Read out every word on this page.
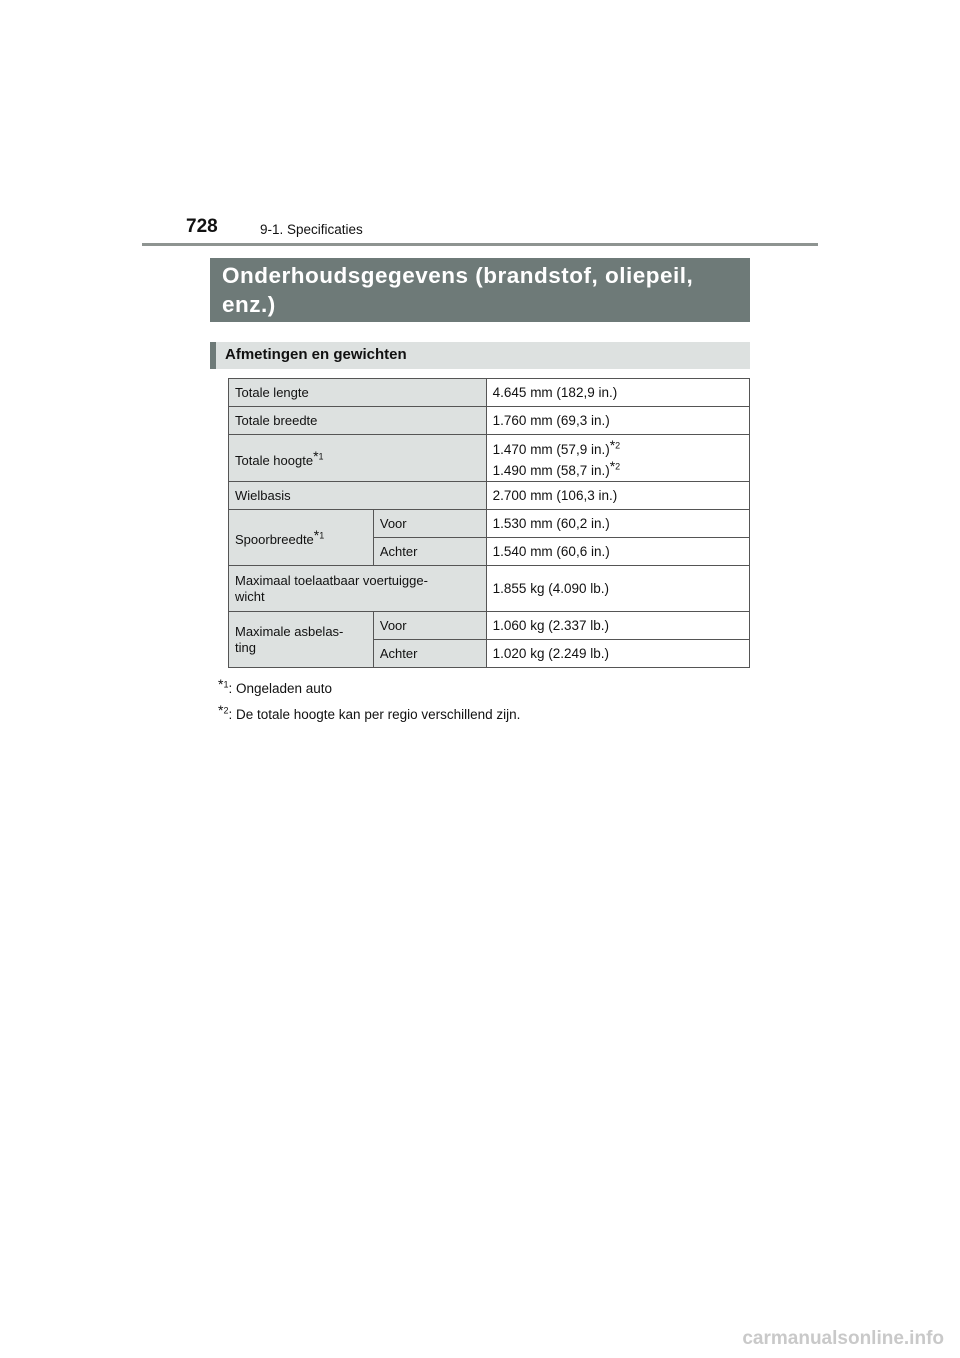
728	9-1. Specificaties
Onderhoudsgegevens (brandstof, oliepeil, enz.)
Afmetingen en gewichten
Totale lengte		4.645 mm (182,9 in.)
Totale breedte		1.760 mm (69,3 in.)
Totale hoogte*$^1$		1.470 mm (57,9 in.)*$^2$
1.490 mm (58,7 in.)*$^2$
Wielbasis		2.700 mm (106,3 in.)
Spoorbreedte*$^1$	Voor	1.530 mm (60,2 in.)
	Achter	1.540 mm (60,6 in.)
Maximaal toelaatbaar voertuigge-
wicht		1.855 kg (4.090 lb.)
Maximale asbelas-
ting	Voor	1.060 kg (2.337 lb.)
	Achter	1.020 kg (2.249 lb.)
*$^1$: Ongeladen auto
*$^2$: De totale hoogte kan per regio verschillend zijn.
carmanualsonline.info
